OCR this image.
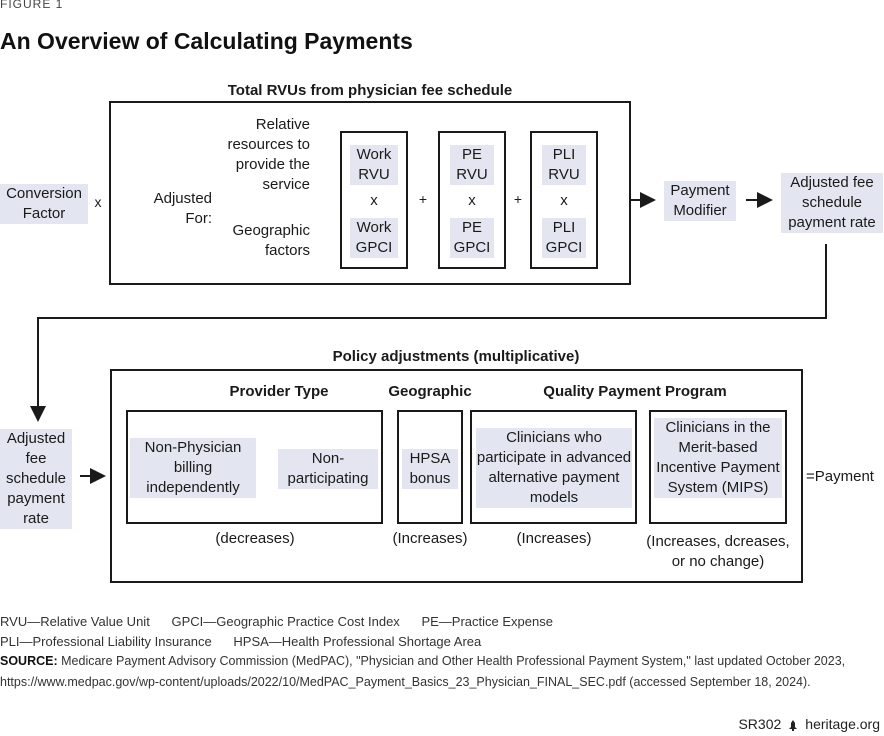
FIGURE 1
An Overview of Calculating Payments
Total RVUs from physician fee schedule
Conversion Factor
x	Adjusted For:
Relative resources to provide the service
Geographic factors
Work RVU
x
Work GPCI
+
PE RVU
x
PE GPCI
+
PLI RVU
x
PLI GPCI
Payment Modifier
Adjusted fee schedule payment rate
Policy adjustments (multiplicative)
Adjusted fee schedule payment rate
Provider Type	Geographic	Quality Payment Program
Non-Physician billing independently
Non-participating
(decreases)
HPSA bonus
(Increases)
Clinicians who participate in advanced alternative payment models
(Increases)
Clinicians in the Merit-based Incentive Payment System (MIPS)
(Increases, dcreases, or no change)
=Payment
RVU—Relative Value Unit      GPCI—Geographic Practice Cost Index      PE—Practice Expense
PLI—Professional Liability Insurance      HPSA—Health Professional Shortage Area
SOURCE: Medicare Payment Advisory Commission (MedPAC), "Physician and Other Health Professional Payment System," last updated October 2023,
https://www.medpac.gov/wp-content/uploads/2022/10/MedPAC_Payment_Basics_23_Physician_FINAL_SEC.pdf (accessed September 18, 2024).
SR302 heritage.org
